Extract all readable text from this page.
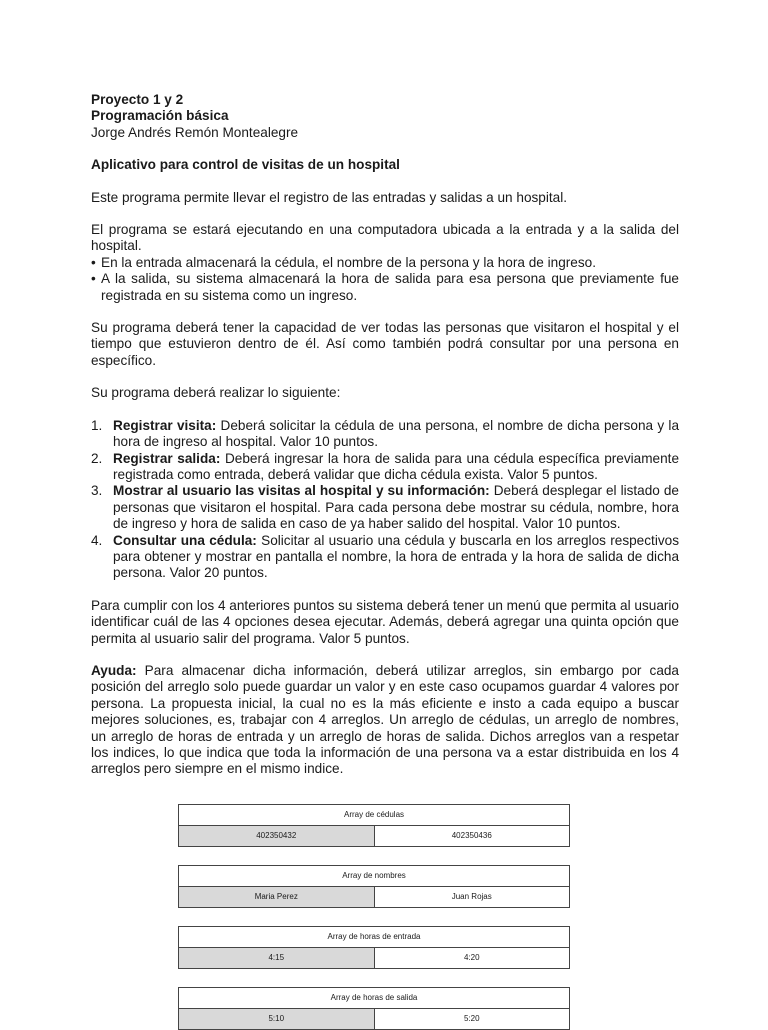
Proyecto 1 y 2
Programación básica
Jorge Andrés Remón Montealegre

Aplicativo para control de visitas de un hospital

Este programa permite llevar el registro de las entradas y salidas a un hospital.

El programa se estará ejecutando en una computadora ubicada a la entrada y a la salida del hospital.

• En la entrada almacenará la cédula, el nombre de la persona y la hora de ingreso.
• A la salida, su sistema almacenará la hora de salida para esa persona que previamente fue registrada en su sistema como un ingreso.

Su programa deberá tener la capacidad de ver todas las personas que visitaron el hospital y el tiempo que estuvieron dentro de él. Así como también podrá consultar por una persona en específico.

Su programa deberá realizar lo siguiente:

1. Registrar visita: Deberá solicitar la cédula de una persona, el nombre de dicha persona y la hora de ingreso al hospital. Valor 10 puntos.
2. Registrar salida: Deberá ingresar la hora de salida para una cédula específica previamente registrada como entrada, deberá validar que dicha cédula exista. Valor 5 puntos.
3. Mostrar al usuario las visitas al hospital y su información: Deberá desplegar el listado de personas que visitaron el hospital. Para cada persona debe mostrar su cédula, nombre, hora de ingreso y hora de salida en caso de ya haber salido del hospital. Valor 10 puntos.
4. Consultar una cédula: Solicitar al usuario una cédula y buscarla en los arreglos respectivos para obtener y mostrar en pantalla el nombre, la hora de entrada y la hora de salida de dicha persona. Valor 20 puntos.

Para cumplir con los 4 anteriores puntos su sistema deberá tener un menú que permita al usuario identificar cuál de las 4 opciones desea ejecutar. Además, deberá agregar una quinta opción que permita al usuario salir del programa. Valor 5 puntos.

Ayuda: Para almacenar dicha información, deberá utilizar arreglos, sin embargo por cada posición del arreglo solo puede guardar un valor y en este caso ocupamos guardar 4 valores por persona. La propuesta inicial, la cual no es la más eficiente e insto a cada equipo a buscar mejores soluciones, es, trabajar con 4 arreglos. Un arreglo de cédulas, un arreglo de nombres, un arreglo de horas de entrada y un arreglo de horas de salida. Dichos arreglos van a respetar los indices, lo que indica que toda la información de una persona va a estar distribuida en los 4 arreglos pero siempre en el mismo indice.

Array de cédulas
402350432	402350436
Array de nombres
Maria Perez	Juan Rojas
Array de horas de entrada
4:15	4:20
Array de horas de salida
5:10	5:20
